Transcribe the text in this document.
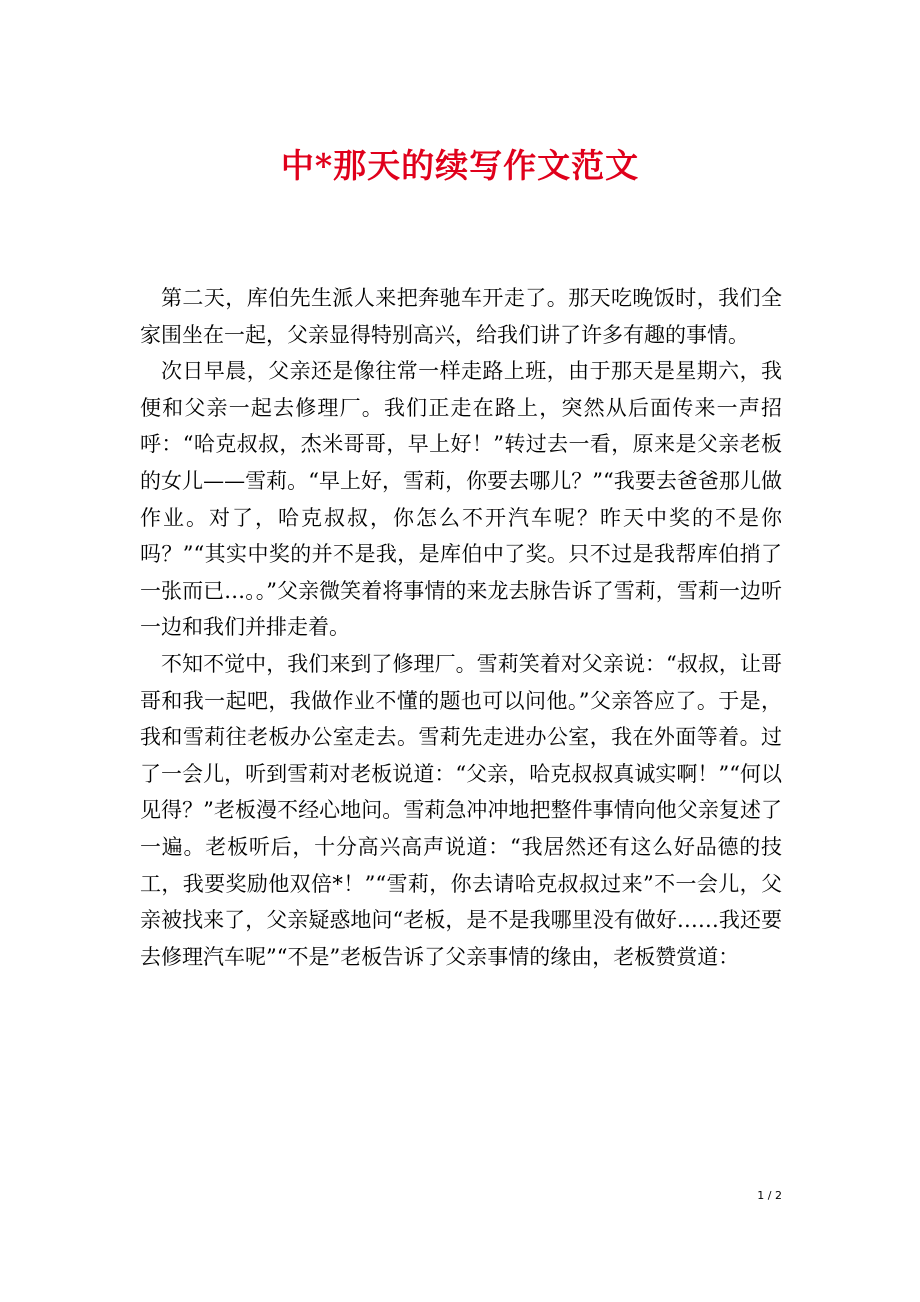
中*那天的续写作文范文

第二天，库伯先生派人来把奔驰车开走了。那天吃晚饭时，我们全家围坐在一起，父亲显得特别高兴，给我们讲了许多有趣的事情。

次日早晨，父亲还是像往常一样走路上班，由于那天是星期六，我便和父亲一起去修理厂。我们正走在路上，突然从后面传来一声招呼：“哈克叔叔，杰米哥哥，早上好！”转过去一看，原来是父亲老板的女儿——雪莉。“早上好，雪莉，你要去哪儿？”“我要去爸爸那儿做作业。对了，哈克叔叔，你怎么不开汽车呢？昨天中奖的不是你吗？”“其实中奖的并不是我，是库伯中了奖。只不过是我帮库伯捎了一张而已…。。”父亲微笑着将事情的来龙去脉告诉了雪莉，雪莉一边听一边和我们并排走着。

不知不觉中，我们来到了修理厂。雪莉笑着对父亲说：“叔叔，让哥哥和我一起吧，我做作业不懂的题也可以问他。”父亲答应了。于是，我和雪莉往老板办公室走去。雪莉先走进办公室，我在外面等着。过了一会儿，听到雪莉对老板说道：“父亲，哈克叔叔真诚实啊！”“何以见得？”老板漫不经心地问。雪莉急冲冲地把整件事情向他父亲复述了一遍。老板听后，十分高兴高声说道：“我居然还有这么好品德的技工，我要奖励他双倍*！”“雪莉，你去请哈克叔叔过来”不一会儿，父亲被找来了，父亲疑惑地问“老板，是不是我哪里没有做好……我还要去修理汽车呢”“不是”老板告诉了父亲事情的缘由，老板赞赏道：

1 / 2
